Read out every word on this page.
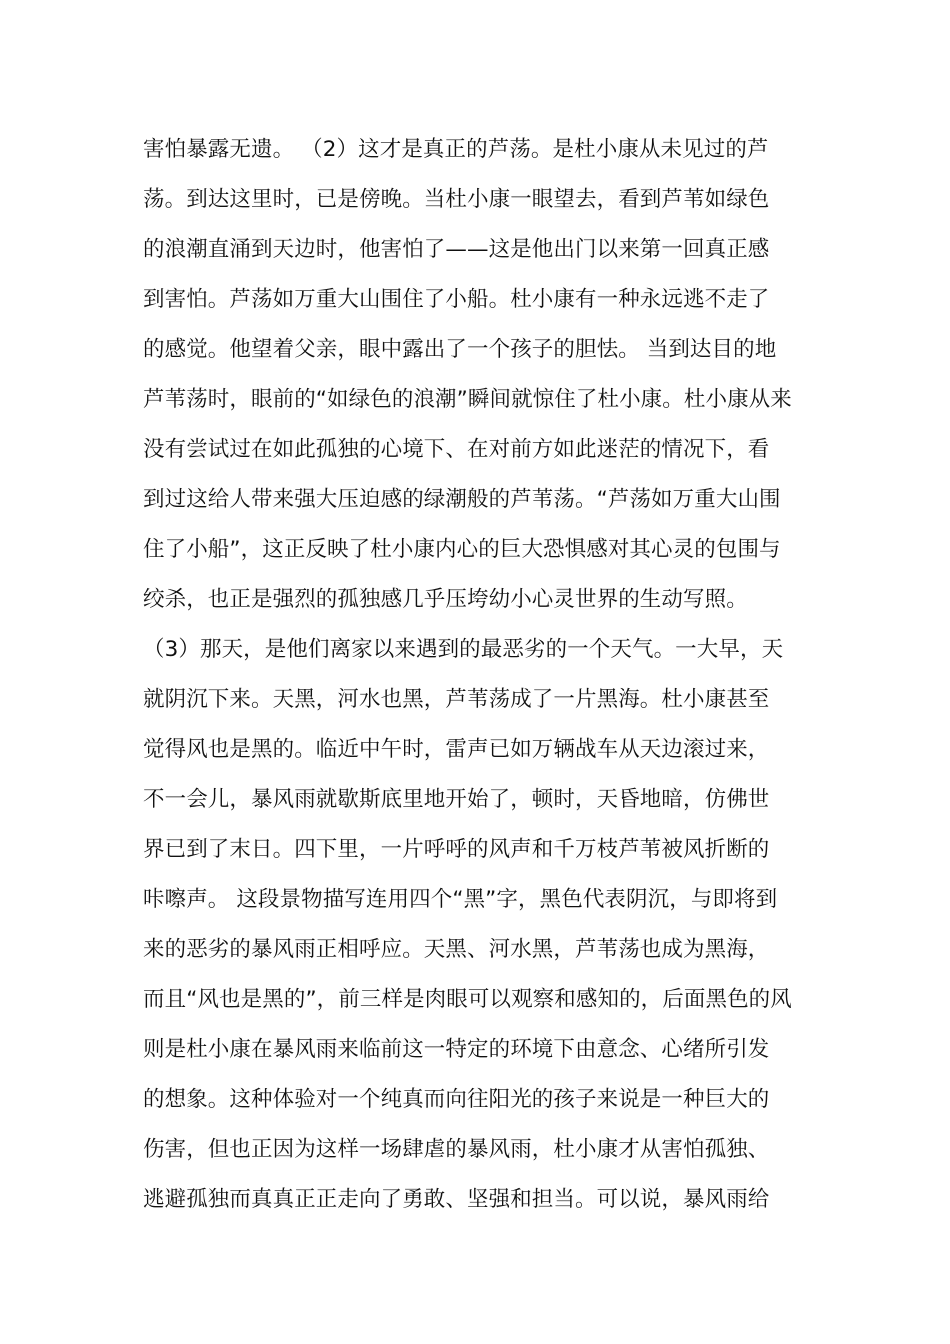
害怕暴露无遗。 （2）这才是真正的芦荡。是杜小康从未见过的芦
荡。到达这里时，已是傍晚。当杜小康一眼望去，看到芦苇如绿色
的浪潮直涌到天边时，他害怕了——这是他出门以来第一回真正感
到害怕。芦荡如万重大山围住了小船。杜小康有一种永远逃不走了
的感觉。他望着父亲，眼中露出了一个孩子的胆怯。 当到达目的地
芦苇荡时，眼前的“如绿色的浪潮”瞬间就惊住了杜小康。杜小康从来
没有尝试过在如此孤独的心境下、在对前方如此迷茫的情况下，看
到过这给人带来强大压迫感的绿潮般的芦苇荡。“芦荡如万重大山围
住了小船”，这正反映了杜小康内心的巨大恐惧感对其心灵的包围与
绞杀，也正是强烈的孤独感几乎压垮幼小心灵世界的生动写照。
（3）那天，是他们离家以来遇到的最恶劣的一个天气。一大早，天
就阴沉下来。天黑，河水也黑，芦苇荡成了一片黑海。杜小康甚至
觉得风也是黑的。临近中午时，雷声已如万辆战车从天边滚过来，
不一会儿，暴风雨就歇斯底里地开始了，顿时，天昏地暗，仿佛世
界已到了末日。四下里，一片呼呼的风声和千万枝芦苇被风折断的
咔嚓声。 这段景物描写连用四个“黑”字，黑色代表阴沉，与即将到
来的恶劣的暴风雨正相呼应。天黑、河水黑，芦苇荡也成为黑海，
而且“风也是黑的”，前三样是肉眼可以观察和感知的，后面黑色的风
则是杜小康在暴风雨来临前这一特定的环境下由意念、心绪所引发
的想象。这种体验对一个纯真而向往阳光的孩子来说是一种巨大的
伤害，但也正因为这样一场肆虐的暴风雨，杜小康才从害怕孤独、
逃避孤独而真真正正走向了勇敢、坚强和担当。可以说，暴风雨给
